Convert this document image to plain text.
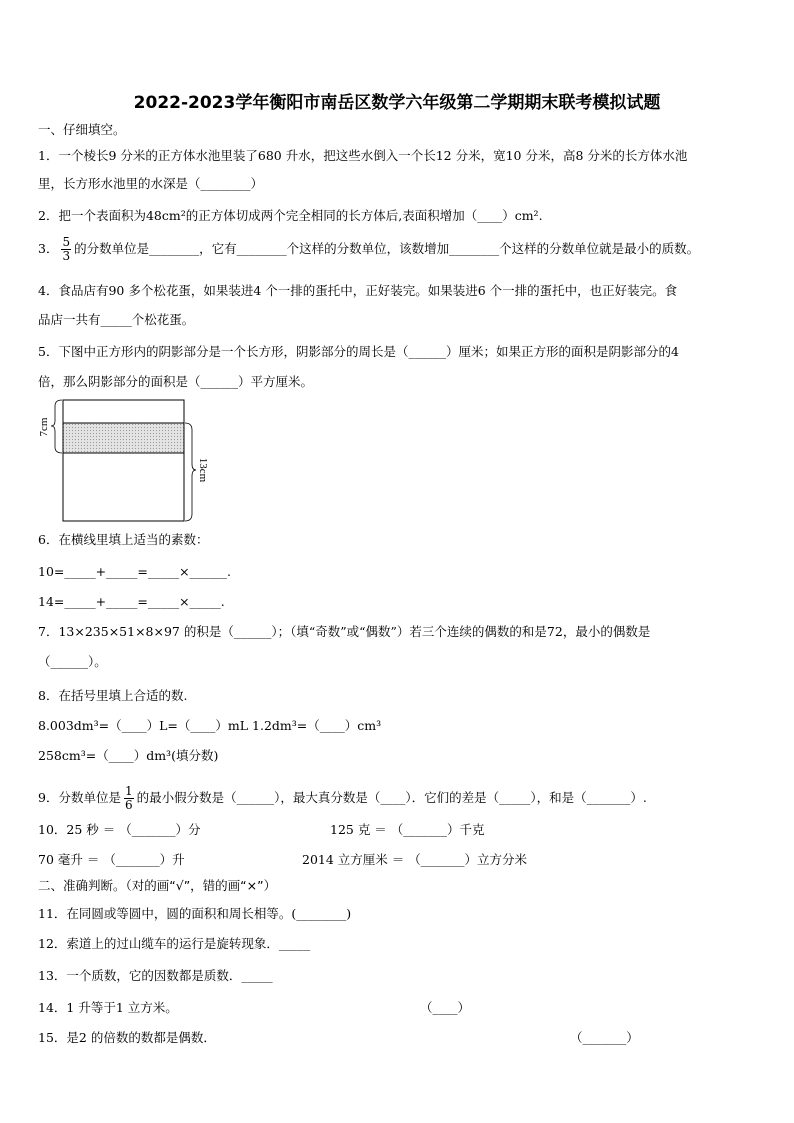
2022-2023学年衡阳市南岳区数学六年级第二学期期末联考模拟试题
一、仔细填空。
1．一个棱长9 分米的正方体水池里装了680 升水，把这些水倒入一个长12 分米，宽10 分米，高8 分米的长方体水池
里，长方形水池里的水深是（________）
2．把一个表面积为48cm²的正方体切成两个完全相同的长方体后,表面积增加（____）cm².
3． $\frac{5}{3}$ 的分数单位是________，它有________个这样的分数单位，该数增加________个这样的分数单位就是最小的质数。
4．食品店有90 多个松花蛋，如果装进4 个一排的蛋托中，正好装完。如果装进6 个一排的蛋托中，也正好装完。食
品店一共有_____个松花蛋。
5．下图中正方形内的阴影部分是一个长方形，阴影部分的周长是（______）厘米；如果正方形的面积是阴影部分的4
倍，那么阴影部分的面积是（______）平方厘米。
7cm
13cm
6．在横线里填上适当的素数：
10=_____+_____=_____×______.
14=_____+_____=_____×_____.
7．13×235×51×8×97 的积是（______）；（填“奇数”或“偶数”）若三个连续的偶数的和是72，最小的偶数是
（______）。
8．在括号里填上合适的数.
8.003dm³=（____）L=（____）mL 1.2dm³=（____）cm³
258cm³=（____）dm³(填分数)
9．分数单位是 $\frac{1}{6}$ 的最小假分数是（______），最大真分数是（____）．它们的差是（_____），和是（_______）.
10．25 秒 ＝ （_______）分	125 克 ＝ （_______）千克
70 毫升 ＝ （_______）升	2014 立方厘米 ＝ （_______）立方分米
二、准确判断。（对的画“√”，错的画“×”）
11．在同圆或等圆中，圆的面积和周长相等。(________)
12．索道上的过山缆车的运行是旋转现象．_____
13．一个质数，它的因数都是质数．_____
14．1 升等于1 立方米。	（____）
15．是2 的倍数的数都是偶数．	（_______）
